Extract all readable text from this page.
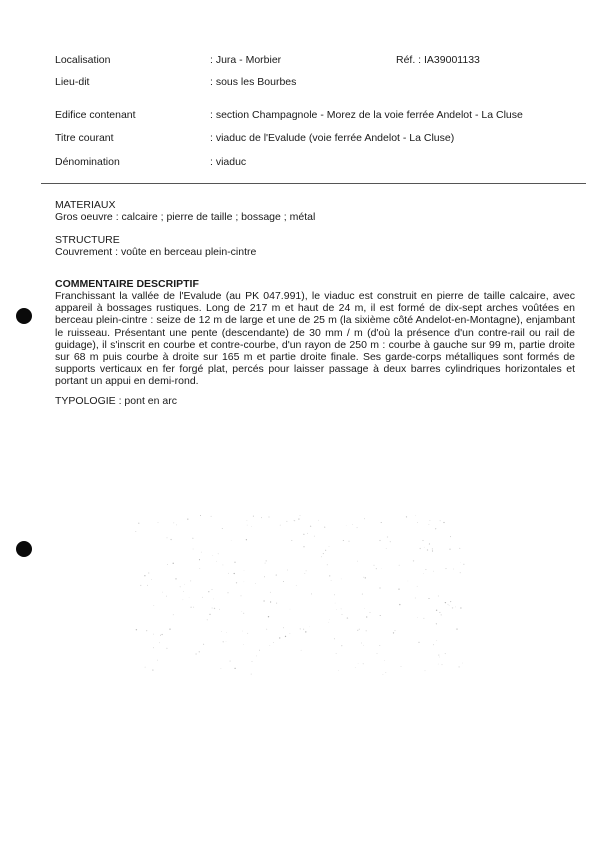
Localisation	: Jura - Morbier	Réf. : IA39001133
Lieu-dit	: sous les Bourbes
Edifice contenant	: section Champagnole - Morez de la voie ferrée Andelot - La Cluse
Titre courant	: viaduc de l'Evalude (voie ferrée Andelot - La Cluse)
Dénomination	: viaduc
MATERIAUX
Gros oeuvre : calcaire ; pierre de taille ; bossage ; métal
STRUCTURE
Couvrement : voûte en berceau plein-cintre
COMMENTAIRE DESCRIPTIF
Franchissant la vallée de l'Evalude (au PK 047.991), le viaduc est construit en pierre de taille calcaire, avec appareil à bossages rustiques. Long de 217 m et haut de 24 m, il est formé de dix-sept arches voûtées en berceau plein-cintre : seize de 12 m de large et une de 25 m (la sixième côté Andelot-en-Montagne), enjambant le ruisseau. Présentant une pente (descendante) de 30 mm / m (d'où la présence d'un contre-rail ou rail de guidage), il s'inscrit en courbe et contre-courbe, d'un rayon de 250 m : courbe à gauche sur 99 m, partie droite sur 68 m puis courbe à droite sur 165 m et partie droite finale. Ses garde-corps métalliques sont formés de supports verticaux en fer forgé plat, percés pour laisser passage à deux barres cylindriques horizontales et portant un appui en demi-rond.
TYPOLOGIE : pont en arc
